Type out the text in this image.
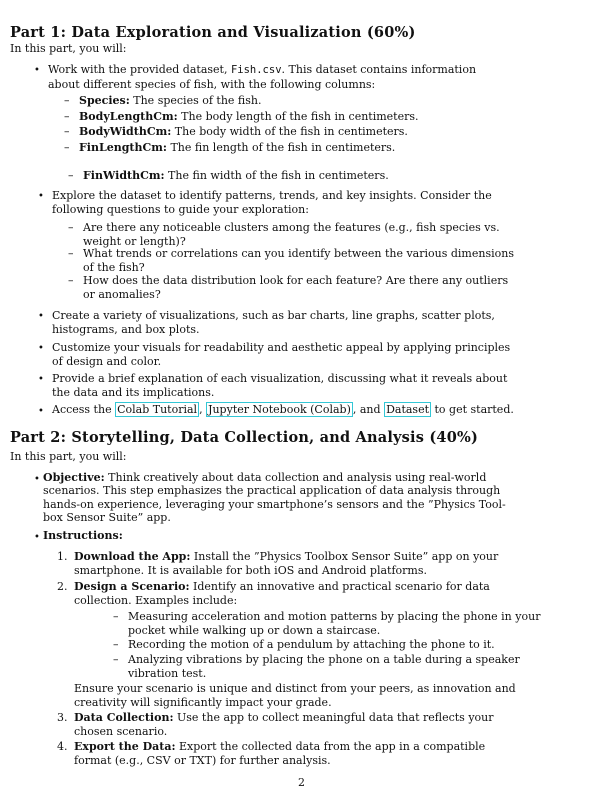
Part 1: Data Exploration and Visualization (60%)
In this part, you will:
• Work with the provided dataset, Fish.csv. This dataset contains information
about different species of fish, with the following columns:
– Species: The species of the fish.
– BodyLengthCm: The body length of the fish in centimeters.
– BodyWidthCm: The body width of the fish in centimeters.
– FinLengthCm: The fin length of the fish in centimeters.
– FinWidthCm: The fin width of the fish in centimeters.
• Explore the dataset to identify patterns, trends, and key insights. Consider the
following questions to guide your exploration:
– Are there any noticeable clusters among the features (e.g., fish species vs.
weight or length)?
– What trends or correlations can you identify between the various dimensions
of the fish?
– How does the data distribution look for each feature? Are there any outliers
or anomalies?
• Create a variety of visualizations, such as bar charts, line graphs, scatter plots,
histograms, and box plots.
• Customize your visuals for readability and aesthetic appeal by applying principles
of design and color.
• Provide a brief explanation of each visualization, discussing what it reveals about
the data and its implications.
• Access the Colab Tutorial , Jupyter Notebook (Colab) , and Dataset to get started.
Part 2: Storytelling, Data Collection, and Analysis (40%)
In this part, you will:
• Objective: Think creatively about data collection and analysis using real-world
scenarios. This step emphasizes the practical application of data analysis through
hands-on experience, leveraging your smartphone’s sensors and the ”Physics Tool-
box Sensor Suite” app.
• Instructions:
1. Download the App: Install the ”Physics Toolbox Sensor Suite” app on your
smartphone. It is available for both iOS and Android platforms.
2. Design a Scenario: Identify an innovative and practical scenario for data
collection. Examples include:
– Measuring acceleration and motion patterns by placing the phone in your
pocket while walking up or down a staircase.
– Recording the motion of a pendulum by attaching the phone to it.
– Analyzing vibrations by placing the phone on a table during a speaker
vibration test.
Ensure your scenario is unique and distinct from your peers, as innovation and
creativity will significantly impact your grade.
3. Data Collection: Use the app to collect meaningful data that reflects your
chosen scenario.
4. Export the Data: Export the collected data from the app in a compatible
format (e.g., CSV or TXT) for further analysis.
2
